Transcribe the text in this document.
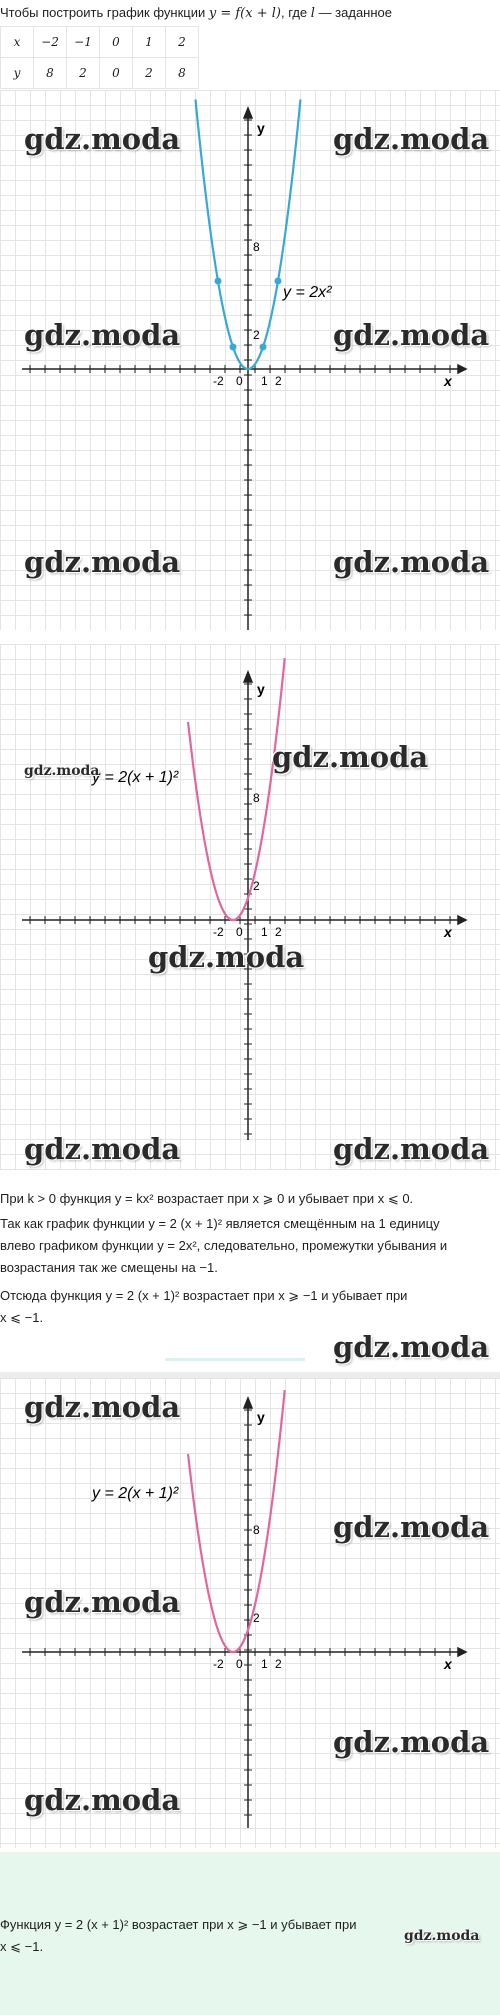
Чтобы построить график функции y = f(x + l), где l — заданное
x	−2	−1	0	1	2
y	8	2	0	2	8
y
x
-2 0 1 2
8
2
y = 2x²
gdz.moda	gdz.moda
gdz.moda	gdz.moda
gdz.moda	gdz.moda
y
x
-2 0 1 2
8
2
y = 2(x + 1)²
gdz.moda	gdz.moda
gdz.moda
gdz.moda	gdz.moda
При k > 0 функция y = kx² возрастает при x ⩾ 0 и убывает при x ⩽ 0.
Так как график функции y = 2 (x + 1)² является смещённым на 1 единицу
влево графиком функции y = 2x², следовательно, промежутки убывания и
возрастания так же смещены на −1.
Отсюда функция y = 2 (x + 1)² возрастает при x ⩾ −1 и убывает при
x ⩽ −1.
gdz.moda
y
x
-2 0 1 2
8
2
y = 2(x + 1)²
gdz.moda
gdz.moda
gdz.moda
gdz.moda
gdz.moda
Функция y = 2 (x + 1)² возрастает при x ⩾ −1 и убывает при
x ⩽ −1.
gdz.moda
